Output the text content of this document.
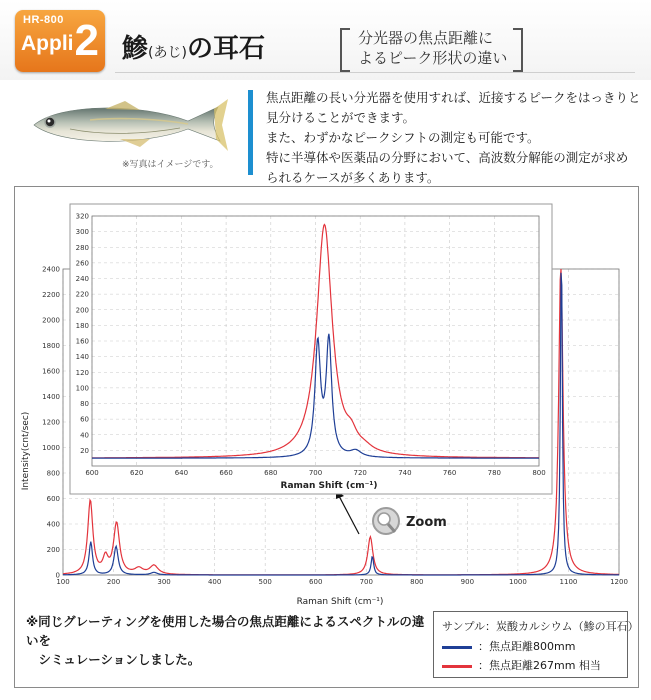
HR-800
Appli 2 鯵(あじ)の耳石	分光器の焦点距離に
よるピーク形状の違い
※写真はイメージです。
焦点距離の長い分光器を使用すれば、近接するピークをはっきりと
見分けることができます。
また、わずかなピークシフトの測定も可能です。
特に半導体や医薬品の分野において、高波数分解能の測定が求め
られるケースが多くあります。
100	200	300	400	500	600	700	800	900	1000	1100	1200
0
200
400
600
800
1000
1200
1400
1600
1800
2000
2200
2400
Intensity(cnt/sec)
Raman Shift (cm⁻¹)
Zoom
600	620	640	660	680	700	720	740	760	780	800
20
40
60
80
100
120
140
160
180
200
220
240
260
280
300
320
Raman Shift (cm⁻¹)
※同じグレーティングを使用した場合の焦点距離によるスペクトルの違いを
　シミュレーションしました。
サンプル：炭酸カルシウム（鯵の耳石）
：焦点距離800mm
：焦点距離267mm 相当
